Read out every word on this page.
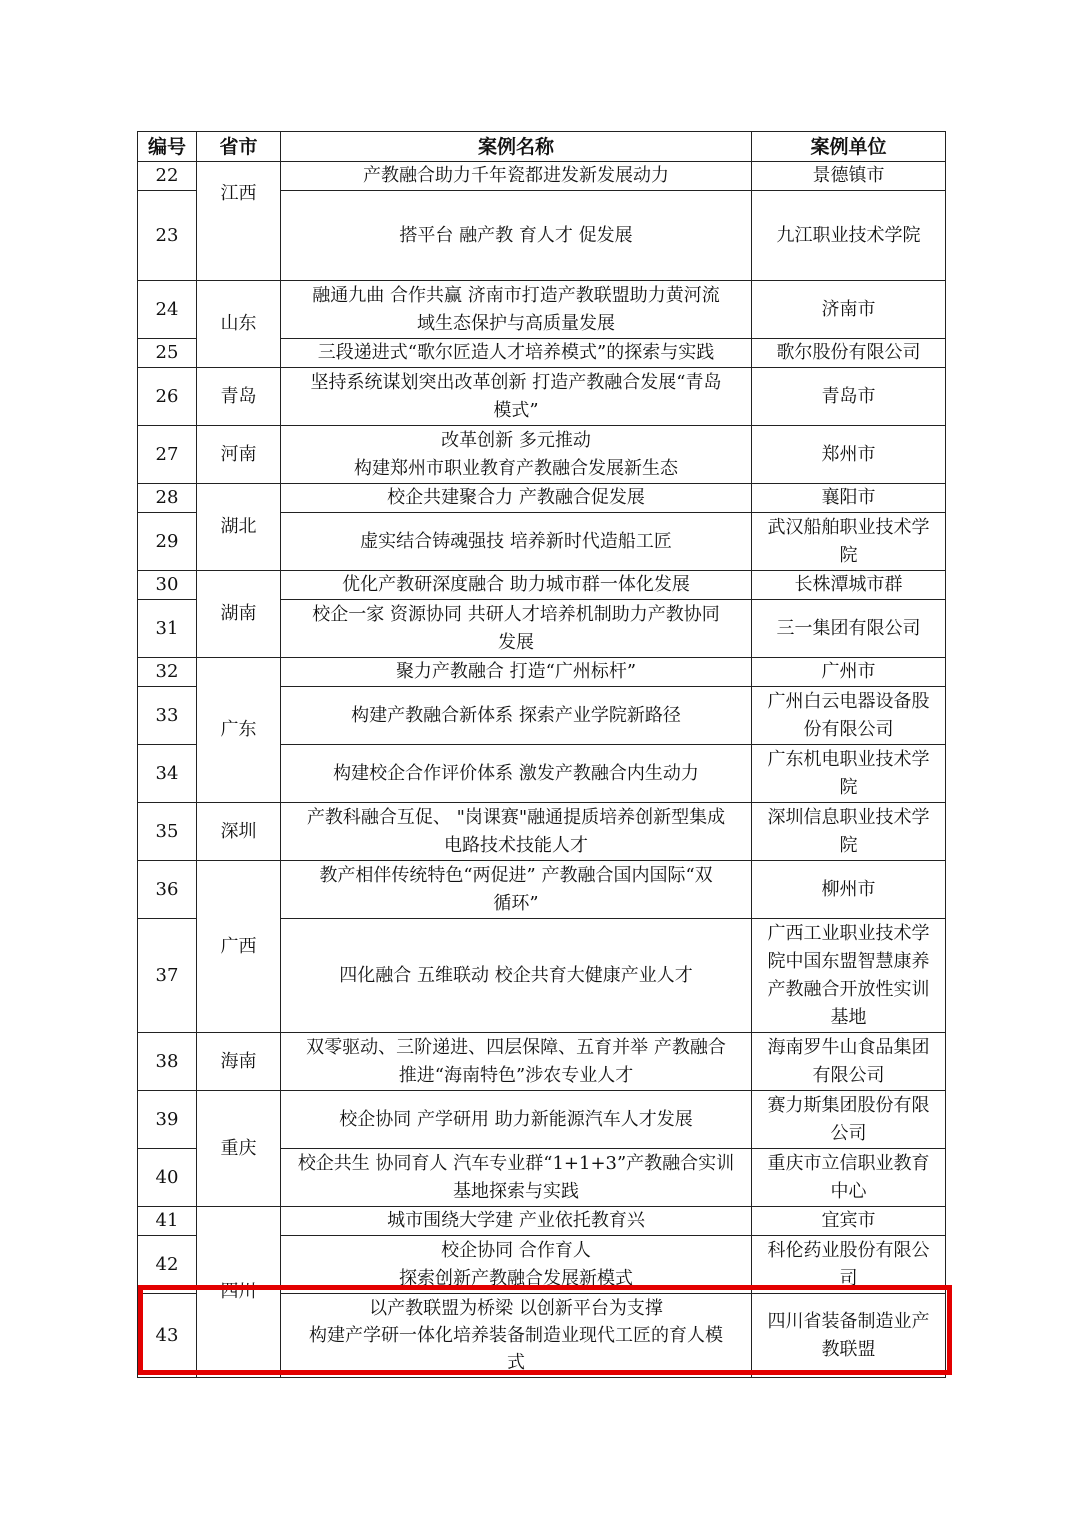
编号	省市	案例名称	案例单位
22	江西	产教融合助力千年瓷都进发新发展动力	景德镇市
23		搭平台 融产教 育人才 促发展	九江职业技术学院
24	山东	融通九曲 合作共赢 济南市打造产教联盟助力黄河流
域生态保护与高质量发展	济南市
25		三段递进式“歌尔匠造人才培养模式”的探索与实践	歌尔股份有限公司
26	青岛	坚持系统谋划突出改革创新 打造产教融合发展“青岛
模式”	青岛市
27	河南	改革创新 多元推动
构建郑州市职业教育产教融合发展新生态	郑州市
28	湖北	校企共建聚合力 产教融合促发展	襄阳市
29		虚实结合铸魂强技 培养新时代造船工匠	武汉船舶职业技术学
院
30	湖南	优化产教研深度融合 助力城市群一体化发展	长株潭城市群
31		校企一家 资源协同 共研人才培养机制助力产教协同
发展	三一集团有限公司
32	广东	聚力产教融合 打造“广州标杆”	广州市
33		构建产教融合新体系 探索产业学院新路径	广州白云电器设备股
份有限公司
34		构建校企合作评价体系 激发产教融合内生动力	广东机电职业技术学
院
35	深圳	产教科融合互促、 "岗课赛"融通提质培养创新型集成
电路技术技能人才	深圳信息职业技术学
院
36	广西	教产相伴传统特色“两促进” 产教融合国内国际“双
循环”	柳州市
37		四化融合 五维联动 校企共育大健康产业人才	广西工业职业技术学
院中国东盟智慧康养
产教融合开放性实训
基地
38	海南	双零驱动、三阶递进、四层保障、五育并举 产教融合
推进“海南特色”涉农专业人才	海南罗牛山食品集团
有限公司
39	重庆	校企协同 产学研用 助力新能源汽车人才发展	赛力斯集团股份有限
公司
40		校企共生 协同育人 汽车专业群“1+1+3”产教融合实训
基地探索与实践	重庆市立信职业教育
中心
41	四川	城市围绕大学建 产业依托教育兴	宜宾市
42		校企协同 合作育人
探索创新产教融合发展新模式	科伦药业股份有限公
司
43		以产教联盟为桥梁 以创新平台为支撑
构建产学研一体化培养装备制造业现代工匠的育人模
式	四川省装备制造业产
教联盟
